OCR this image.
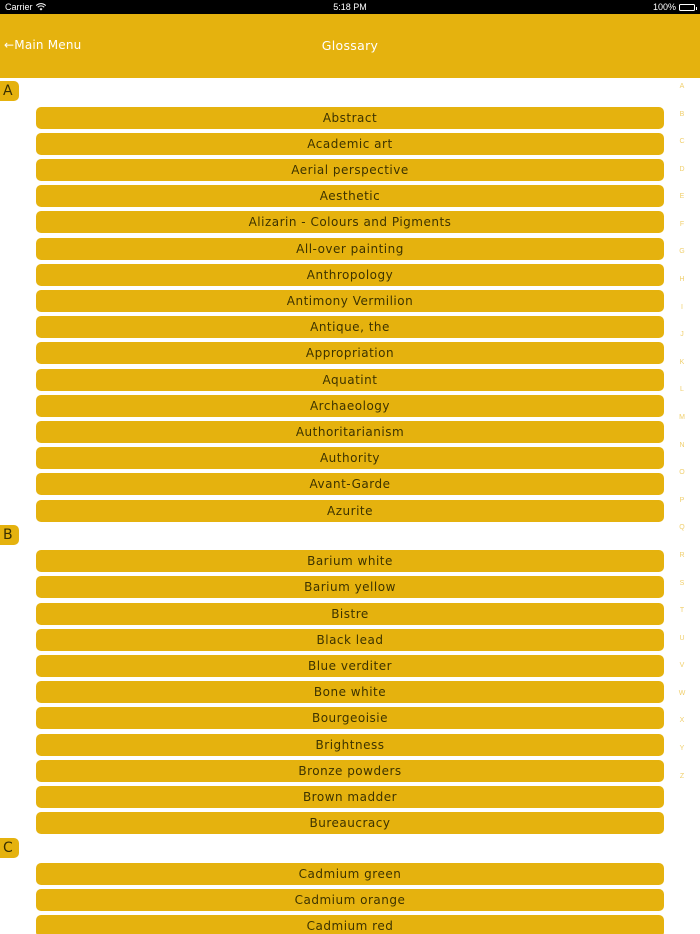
Carrier	5:18 PM	100%
← Main Menu	Glossary
A
Abstract
Academic art
Aerial perspective
Aesthetic
Alizarin - Colours and Pigments
All-over painting
Anthropology
Antimony Vermilion
Antique, the
Appropriation
Aquatint
Archaeology
Authoritarianism
Authority
Avant-Garde
Azurite
B
Barium white
Barium yellow
Bistre
Black lead
Blue verditer
Bone white
Bourgeoisie
Brightness
Bronze powders
Brown madder
Bureaucracy
C
Cadmium green
Cadmium orange
Cadmium red
A
B
C
D
E
F
G
H
I
J
K
L
M
N
O
P
Q
R
S
T
U
V
W
X
Y
Z
